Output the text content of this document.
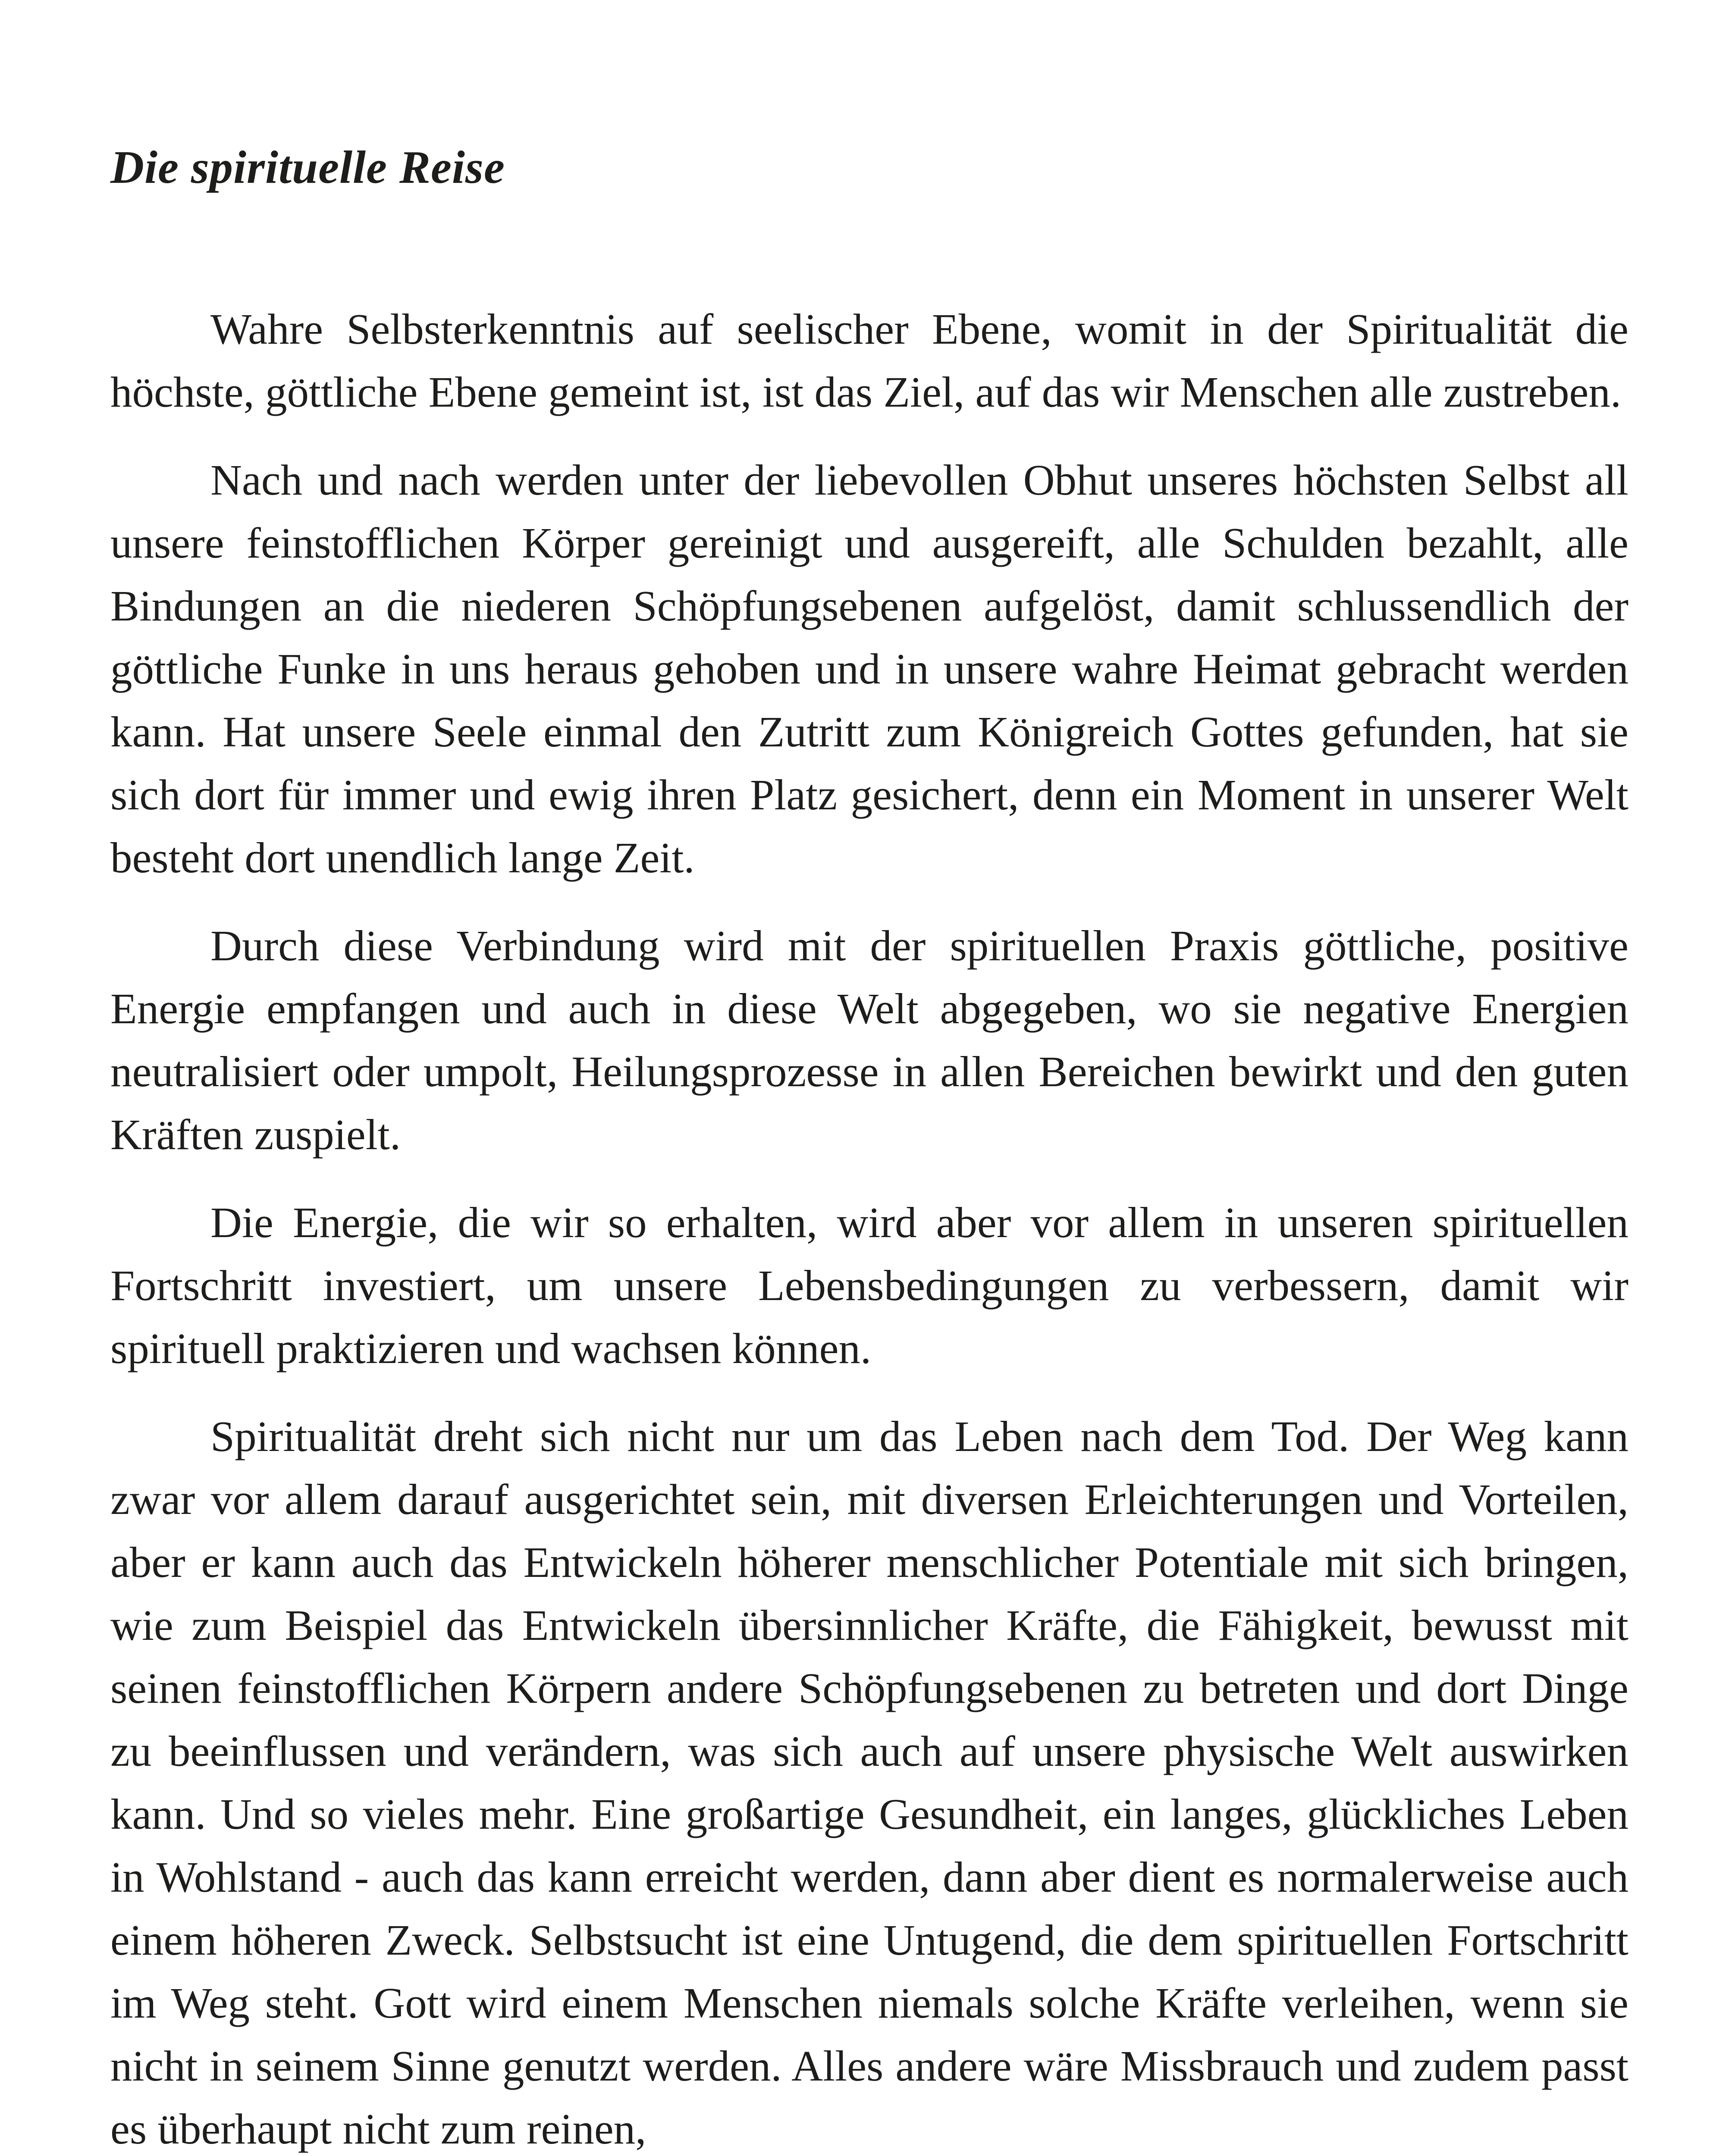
Die spirituelle Reise

Wahre Selbsterkenntnis auf seelischer Ebene, womit in der Spiritualität die höchste, göttliche Ebene gemeint ist, ist das Ziel, auf das wir Menschen alle zustreben.

Nach und nach werden unter der liebevollen Obhut unseres höchsten Selbst all unsere feinstofflichen Körper gereinigt und ausgereift, alle Schulden bezahlt, alle Bindungen an die niederen Schöpfungsebenen aufgelöst, damit schlussendlich der göttliche Funke in uns heraus gehoben und in unsere wahre Heimat gebracht werden kann. Hat unsere Seele einmal den Zutritt zum Königreich Gottes gefunden, hat sie sich dort für immer und ewig ihren Platz gesichert, denn ein Moment in unserer Welt besteht dort unendlich lange Zeit.

Durch diese Verbindung wird mit der spirituellen Praxis göttliche, positive Energie empfangen und auch in diese Welt abgegeben, wo sie negative Energien neutralisiert oder umpolt, Heilungsprozesse in allen Bereichen bewirkt und den guten Kräften zuspielt.

Die Energie, die wir so erhalten, wird aber vor allem in unseren spirituellen Fortschritt investiert, um unsere Lebensbedingungen zu verbessern, damit wir spirituell praktizieren und wachsen können.

Spiritualität dreht sich nicht nur um das Leben nach dem Tod. Der Weg kann zwar vor allem darauf ausgerichtet sein, mit diversen Erleichterungen und Vorteilen, aber er kann auch das Entwickeln höherer menschlicher Potentiale mit sich bringen, wie zum Beispiel das Entwickeln übersinnlicher Kräfte, die Fähigkeit, bewusst mit seinen feinstofflichen Körpern andere Schöpfungsebenen zu betreten und dort Dinge zu beeinflussen und verändern, was sich auch auf unsere physische Welt auswirken kann. Und so vieles mehr. Eine großartige Gesundheit, ein langes, glückliches Leben in Wohlstand - auch das kann erreicht werden, dann aber dient es normalerweise auch einem höheren Zweck. Selbstsucht ist eine Untugend, die dem spirituellen Fortschritt im Weg steht. Gott wird einem Menschen niemals solche Kräfte verleihen, wenn sie nicht in seinem Sinne genutzt werden. Alles andere wäre Missbrauch und zudem passt es überhaupt nicht zum reinen,
